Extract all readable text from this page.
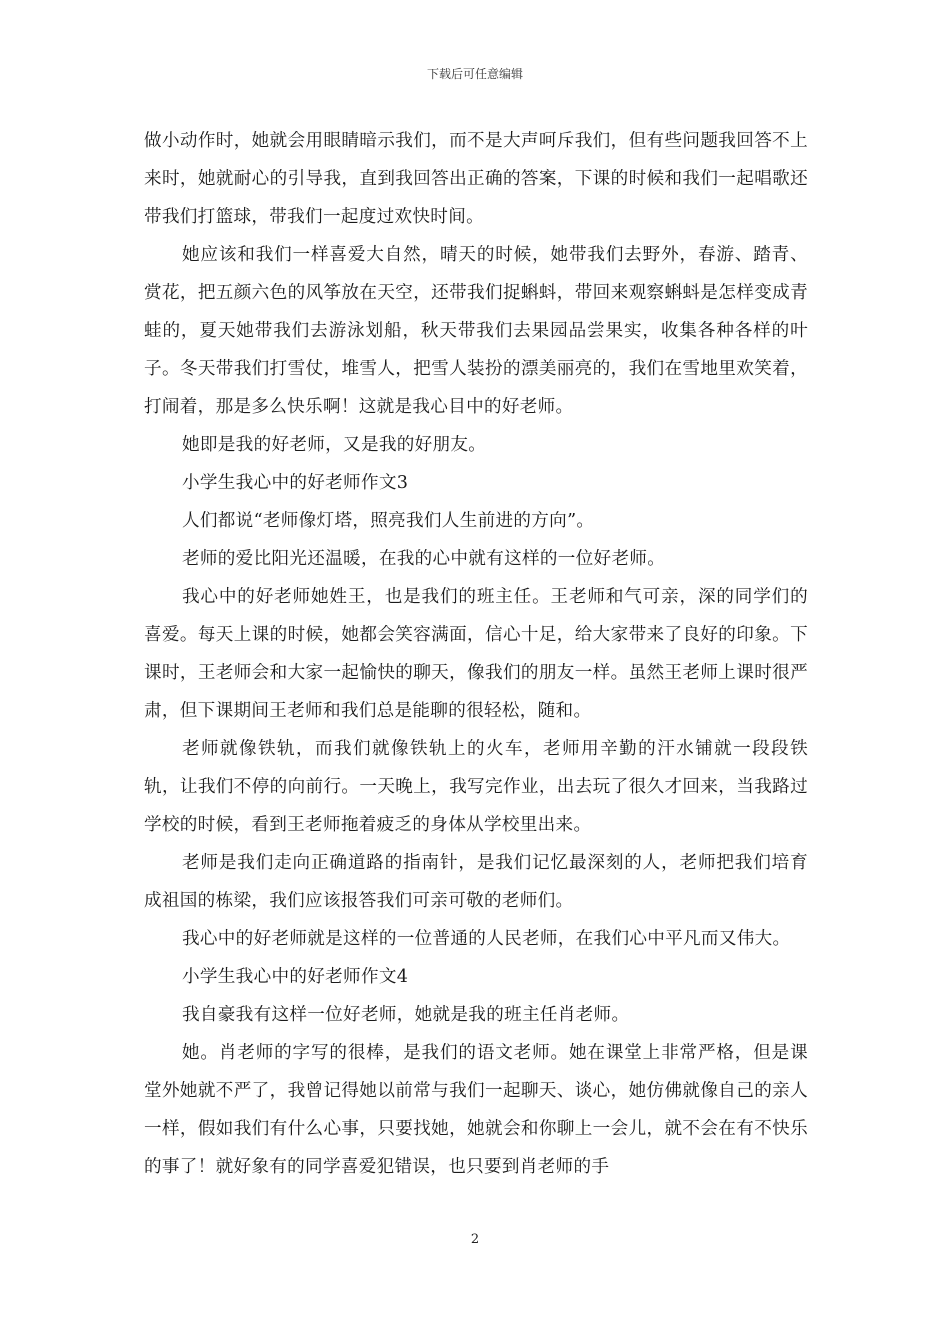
下载后可任意编辑

做小动作时，她就会用眼睛暗示我们，而不是大声呵斥我们，但有些问题我回答不上来时，她就耐心的引导我，直到我回答出正确的答案，下课的时候和我们一起唱歌还带我们打篮球，带我们一起度过欢快时间。

她应该和我们一样喜爱大自然，晴天的时候，她带我们去野外，春游、踏青、赏花，把五颜六色的风筝放在天空，还带我们捉蝌蚪，带回来观察蝌蚪是怎样变成青蛙的，夏天她带我们去游泳划船，秋天带我们去果园品尝果实，收集各种各样的叶子。冬天带我们打雪仗，堆雪人，把雪人装扮的漂美丽亮的，我们在雪地里欢笑着，打闹着，那是多么快乐啊！这就是我心目中的好老师。

她即是我的好老师，又是我的好朋友。

小学生我心中的好老师作文3

人们都说“老师像灯塔，照亮我们人生前进的方向”。

老师的爱比阳光还温暖，在我的心中就有这样的一位好老师。

我心中的好老师她姓王，也是我们的班主任。王老师和气可亲，深的同学们的喜爱。每天上课的时候，她都会笑容满面，信心十足，给大家带来了良好的印象。下课时，王老师会和大家一起愉快的聊天，像我们的朋友一样。虽然王老师上课时很严肃，但下课期间王老师和我们总是能聊的很轻松，随和。

老师就像铁轨，而我们就像铁轨上的火车，老师用辛勤的汗水铺就一段段铁轨，让我们不停的向前行。一天晚上，我写完作业，出去玩了很久才回来，当我路过学校的时候，看到王老师拖着疲乏的身体从学校里出来。

老师是我们走向正确道路的指南针，是我们记忆最深刻的人，老师把我们培育成祖国的栋梁，我们应该报答我们可亲可敬的老师们。

我心中的好老师就是这样的一位普通的人民老师，在我们心中平凡而又伟大。

小学生我心中的好老师作文4

我自豪我有这样一位好老师，她就是我的班主任肖老师。

她。肖老师的字写的很棒，是我们的语文老师。她在课堂上非常严格，但是课堂外她就不严了，我曾记得她以前常与我们一起聊天、谈心，她仿佛就像自己的亲人一样，假如我们有什么心事，只要找她，她就会和你聊上一会儿，就不会在有不快乐的事了！就好象有的同学喜爱犯错误，也只要到肖老师的手

2
